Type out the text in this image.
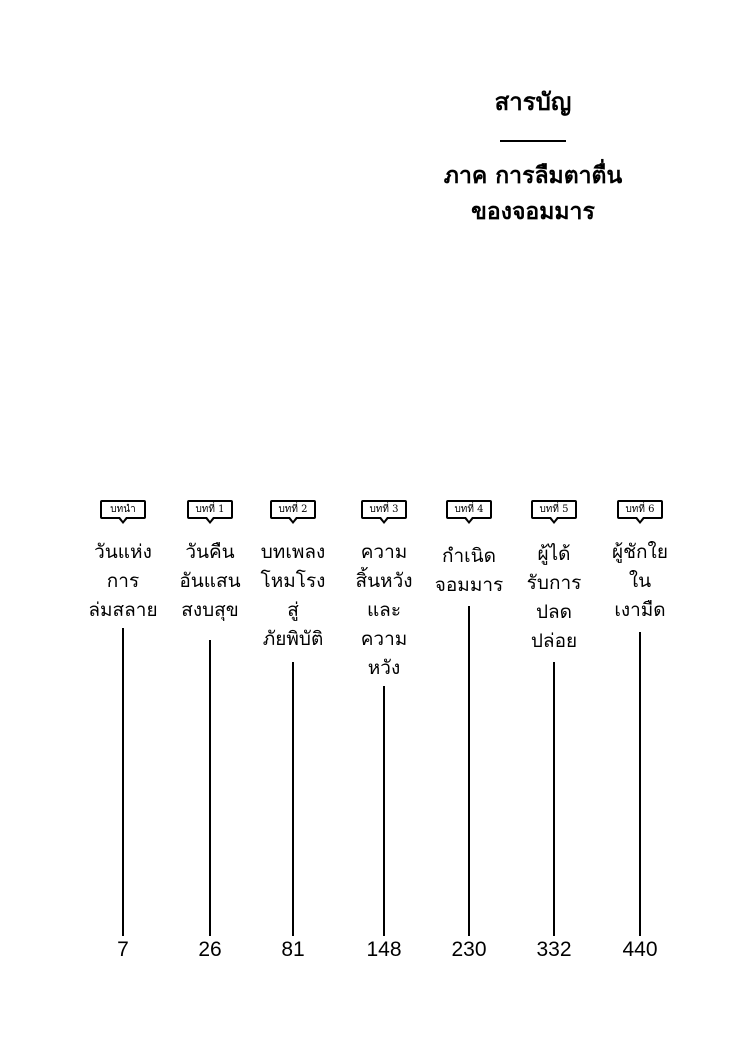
สารบัญ
ภาค การลืมตาตื่น
ของจอมมาร
บทนำ
วันแห่ง
การ
ล่มสลาย
7
บทที่ 1
วันคืน
อันแสน
สงบสุข
26
บทที่ 2
บทเพลง
โหมโรง
สู่
ภัยพิบัติ
81
บทที่ 3
ความ
สิ้นหวัง
และ
ความ
หวัง
148
บทที่ 4
กำเนิด
จอมมาร
230
บทที่ 5
ผู้ได้
รับการ
ปลด
ปล่อย
332
บทที่ 6
ผู้ชักใย
ใน
เงามืด
440
